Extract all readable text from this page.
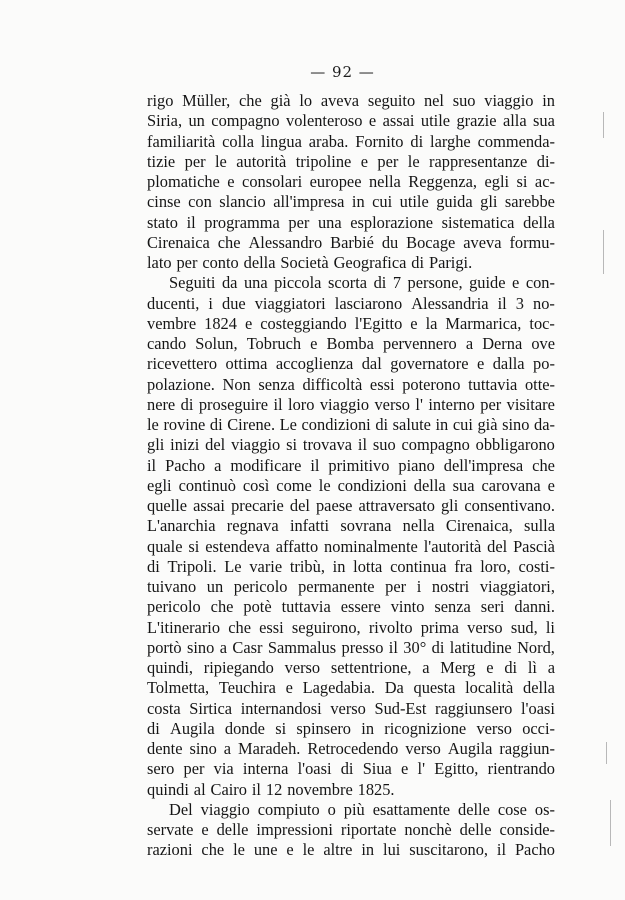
— 92 —
rigo Müller, che già lo aveva seguito nel suo viaggio in
Siria, un compagno volenteroso e assai utile grazie alla sua
familiarità colla lingua araba. Fornito di larghe commenda-
tizie per le autorità tripoline e per le rappresentanze di-
plomatiche e consolari europee nella Reggenza, egli si ac-
cinse con slancio all'impresa in cui utile guida gli sarebbe
stato il programma per una esplorazione sistematica della
Cirenaica che Alessandro Barbié du Bocage aveva formu-
lato per conto della Società Geografica di Parigi.
Seguiti da una piccola scorta di 7 persone, guide e con-
ducenti, i due viaggiatori lasciarono Alessandria il 3 no-
vembre 1824 e costeggiando l'Egitto e la Marmarica, toc-
cando Solun, Tobruch e Bomba pervennero a Derna ove
ricevettero ottima accoglienza dal governatore e dalla po-
polazione. Non senza difficoltà essi poterono tuttavia otte-
nere di proseguire il loro viaggio verso l' interno per visitare
le rovine di Cirene. Le condizioni di salute in cui già sino da-
gli inizi del viaggio si trovava il suo compagno obbligarono
il Pacho a modificare il primitivo piano dell'impresa che
egli continuò così come le condizioni della sua carovana e
quelle assai precarie del paese attraversato gli consentivano.
L'anarchia regnava infatti sovrana nella Cirenaica, sulla
quale si estendeva affatto nominalmente l'autorità del Pascià
di Tripoli. Le varie tribù, in lotta continua fra loro, costi-
tuivano un pericolo permanente per i nostri viaggiatori,
pericolo che potè tuttavia essere vinto senza seri danni.
L'itinerario che essi seguirono, rivolto prima verso sud, li
portò sino a Casr Sammalus presso il 30° di latitudine Nord,
quindi, ripiegando verso settentrione, a Merg e di lì a
Tolmetta, Teuchira e Lagedabia. Da questa località della
costa Sirtica internandosi verso Sud-Est raggiunsero l'oasi
di Augila donde si spinsero in ricognizione verso occi-
dente sino a Maradeh. Retrocedendo verso Augila raggiun-
sero per via interna l'oasi di Siua e l' Egitto, rientrando
quindi al Cairo il 12 novembre 1825.
Del viaggio compiuto o più esattamente delle cose os-
servate e delle impressioni riportate nonchè delle conside-
razioni che le une e le altre in lui suscitarono, il Pacho
